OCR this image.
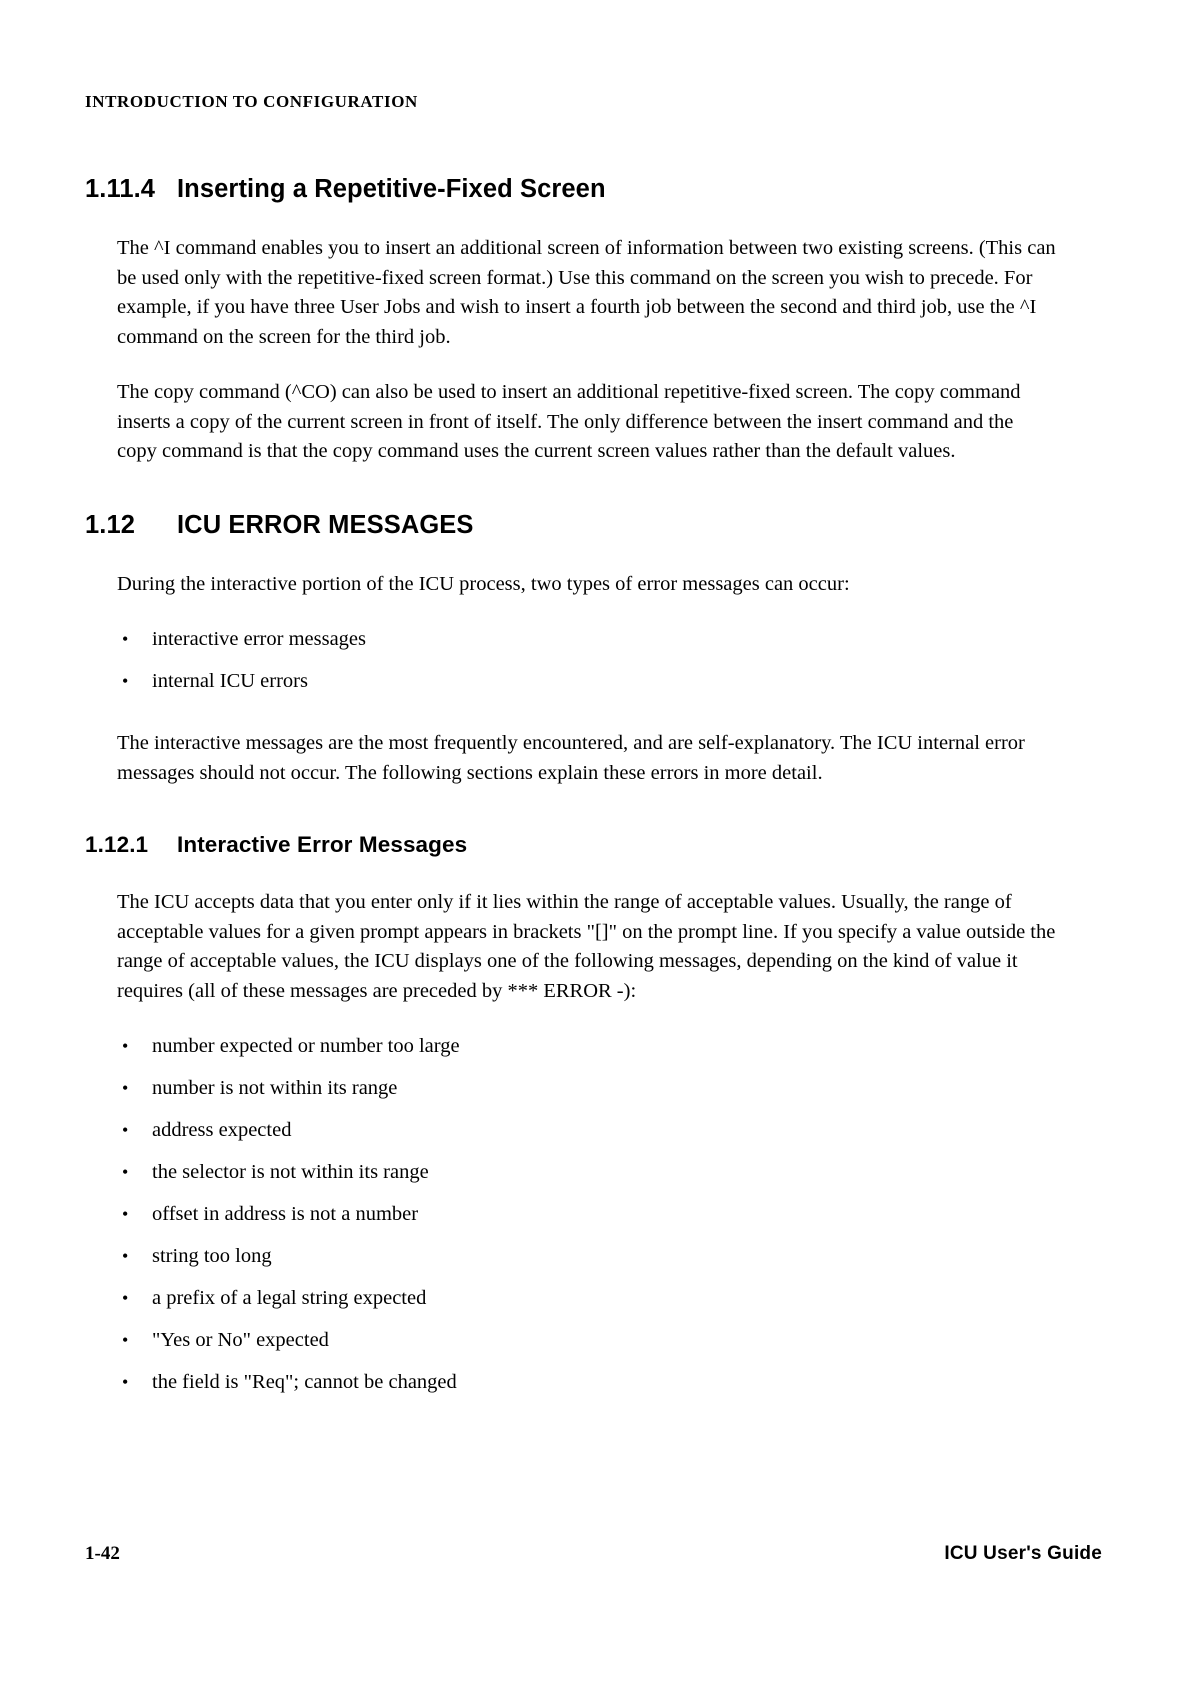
INTRODUCTION TO CONFIGURATION
1.11.4 Inserting a Repetitive-Fixed Screen

The ^I command enables you to insert an additional screen of information between two existing screens. (This can be used only with the repetitive-fixed screen format.) Use this command on the screen you wish to precede. For example, if you have three User Jobs and wish to insert a fourth job between the second and third job, use the ^I command on the screen for the third job.

The copy command (^CO) can also be used to insert an additional repetitive-fixed screen. The copy command inserts a copy of the current screen in front of itself. The only difference between the insert command and the copy command is that the copy command uses the current screen values rather than the default values.

1.12 ICU ERROR MESSAGES

During the interactive portion of the ICU process, two types of error messages can occur:

• interactive error messages
• internal ICU errors

The interactive messages are the most frequently encountered, and are self-explanatory. The ICU internal error messages should not occur. The following sections explain these errors in more detail.

1.12.1 Interactive Error Messages

The ICU accepts data that you enter only if it lies within the range of acceptable values. Usually, the range of acceptable values for a given prompt appears in brackets "[]" on the prompt line. If you specify a value outside the range of acceptable values, the ICU displays one of the following messages, depending on the kind of value it requires (all of these messages are preceded by *** ERROR -):

• number expected or number too large
• number is not within its range
• address expected
• the selector is not within its range
• offset in address is not a number
• string too long
• a prefix of a legal string expected
• "Yes or No" expected
• the field is "Req"; cannot be changed
1-42	ICU User's Guide
